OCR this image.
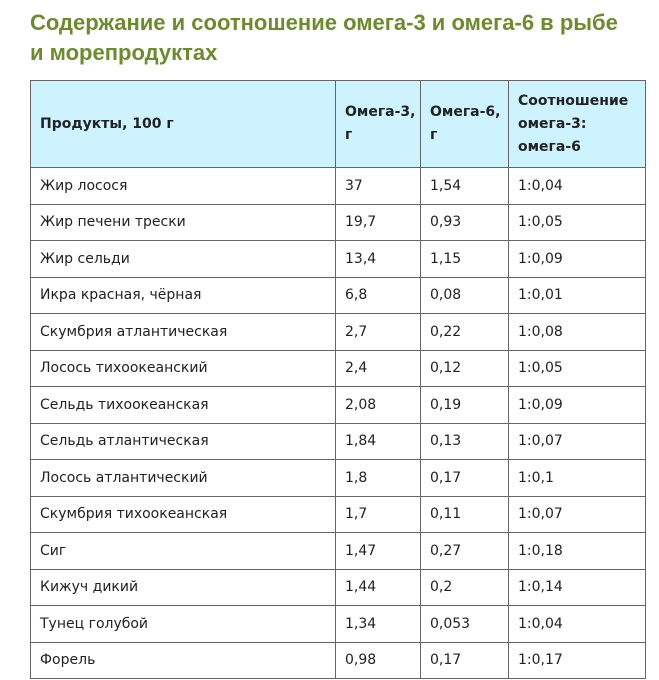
Содержание и соотношение омега-3 и омега-6 в рыбе и морепродуктах
Продукты, 100 г	Омега-3, г	Омега-6, г	Соотношение омега-3: омега-6
Жир лосося	37	1,54	1:0,04
Жир печени трески	19,7	0,93	1:0,05
Жир сельди	13,4	1,15	1:0,09
Икра красная, чёрная	6,8	0,08	1:0,01
Скумбрия атлантическая	2,7	0,22	1:0,08
Лосось тихоокеанский	2,4	0,12	1:0,05
Сельдь тихоокеанская	2,08	0,19	1:0,09
Сельдь атлантическая	1,84	0,13	1:0,07
Лосось атлантический	1,8	0,17	1:0,1
Скумбрия тихоокеанская	1,7	0,11	1:0,07
Сиг	1,47	0,27	1:0,18
Кижуч дикий	1,44	0,2	1:0,14
Тунец голубой	1,34	0,053	1:0,04
Форель	0,98	0,17	1:0,17
